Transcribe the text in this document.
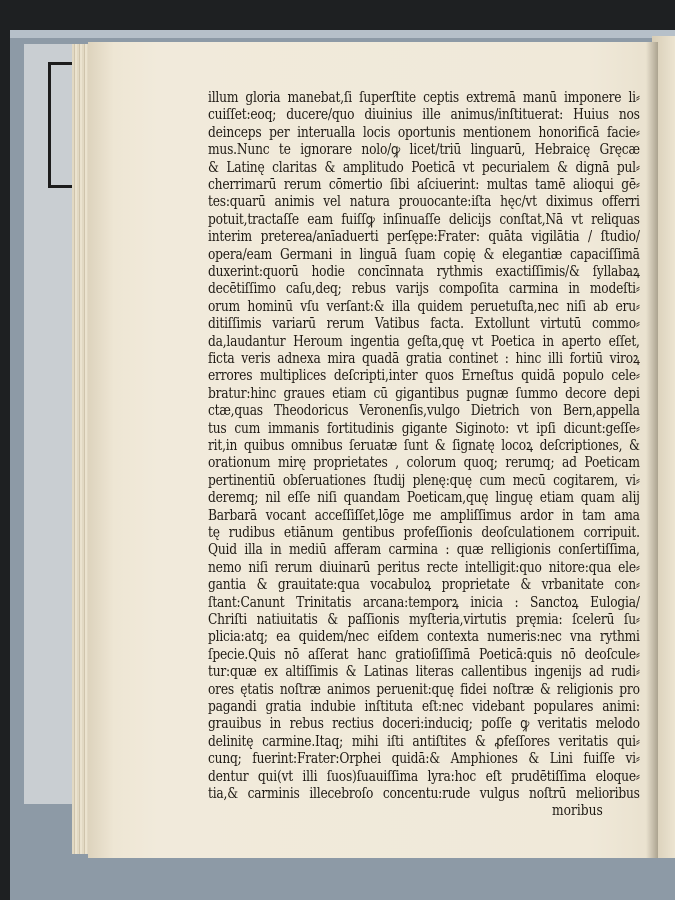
illum gloria manebat,ſi ſuperſtite ceptis extremā manū imponere li⸗
cuiſſet:eoq; ducere/quo diuinius ille animus/inſtituerat: Huius nos
deinceps per interualla locis oportunis mentionem honorificā facie⸗
mus.Nunc te ignorare nolo/ꝙ licet/triū linguarū, Hebraicę Gręcæ
& Latinę claritas & amplitudo Poeticā vt pecurialem & dignā pul⸗
cherrimarū rerum cōmertio ſibi aſciuerint: multas tamē alioqui gē⸗
tes:quarū animis vel natura prouocante:iſta hęc/vt diximus offerri
potuit,tractaſſe eam fuiſſꝙ inſinuaſſe delicijs conſtat,Nā vt reliquas
interim preterea/anīaduerti perſępe:Frater: quāta vigilātia / ſtudio/
opera/eam Germani in linguā ſuam copię & elegantiæ capaciſſimā
duxerint:quorū hodie concīnnata rythmis exactiſſimis/& ſyllabaꝝ
decētiſſimo caſu,deq; rebus varijs compoſita carmina in modeſti⸗
orum hominū vſu verſant:& illa quidem peruetuſta,nec niſi ab eru⸗
ditiſſimis variarū rerum Vatibus facta. Extollunt virtutū commo⸗
da,laudantur Heroum ingentia geſta,quę vt Poetica in aperto eſſet,
ficta veris adnexa mira quadā gratia continet : hinc illi fortiū viroꝝ
errores multiplices deſcripti,inter quos Erneſtus quidā populo cele⸗
bratur:hinc graues etiam cū gigantibus pugnæ ſummo decore depi
ctæ,quas Theodoricus Veronenſis,vulgo Dietrich von Bern,appella
tus cum immanis fortitudinis gigante Siginoto: vt ipſi dicunt:geſſe⸗
rit,in quibus omnibus ſeruatæ ſunt & ſignatę locoꝝ deſcriptiones, &
orationum mirę proprietates , colorum quoq; rerumq; ad Poeticam
pertinentiū obſeruationes ſtudij plenę:quę cum mecū cogitarem, vi⸗
deremq; nil eſſe niſi quandam Poeticam,quę linguę etiam quam alij
Barbarā vocant acceſſiſſet,lōge me ampliſſimus ardor in tam ama
tę rudibus etiānum gentibus profeſſionis deoſculationem corripuit.
Quid illa in mediū afferam carmina : quæ relligionis conſertiſſima,
nemo niſi rerum diuinarū peritus recte intelligit:quo nitore:qua ele⸗
gantia & grauitate:qua vocabuloꝝ proprietate & vrbanitate con⸗
ſtant:Canunt Trinitatis arcana:temporꝝ inicia : Sanctoꝝ Eulogia/
Chriſti natiuitatis & paſſionis myſteria,virtutis pręmia: ſcelerū ſu⸗
plicia:atq; ea quidem/nec eiſdem contexta numeris:nec vna rythmi
ſpecie.Quis nō aſſerat hanc gratioſiſſimā Poeticā:quis nō deoſcule⸗
tur:quæ ex altiſſimis & Latinas literas callentibus ingenijs ad rudi⸗
ores ętatis noſtræ animos peruenit:quę fidei noſtræ & religionis pro
pagandi gratia indubie inſtituta eſt:nec videbant populares animi:
grauibus in rebus rectius doceri:induciq; poſſe ꝙ veritatis melodo
delinitę carmine.Itaq; mihi iſti antiſtites & ꝓfeſſores veritatis qui⸗
cunq; fuerint:Frater:Orphei quidā:& Amphiones & Lini fuiſſe vi⸗
dentur qui(vt illi ſuos)ſuauiſſima lyra:hoc eſt prudētiſſima eloque⸗
tia,& carminis illecebroſo concentu:rude vulgus noſtrū melioribus
moribus
